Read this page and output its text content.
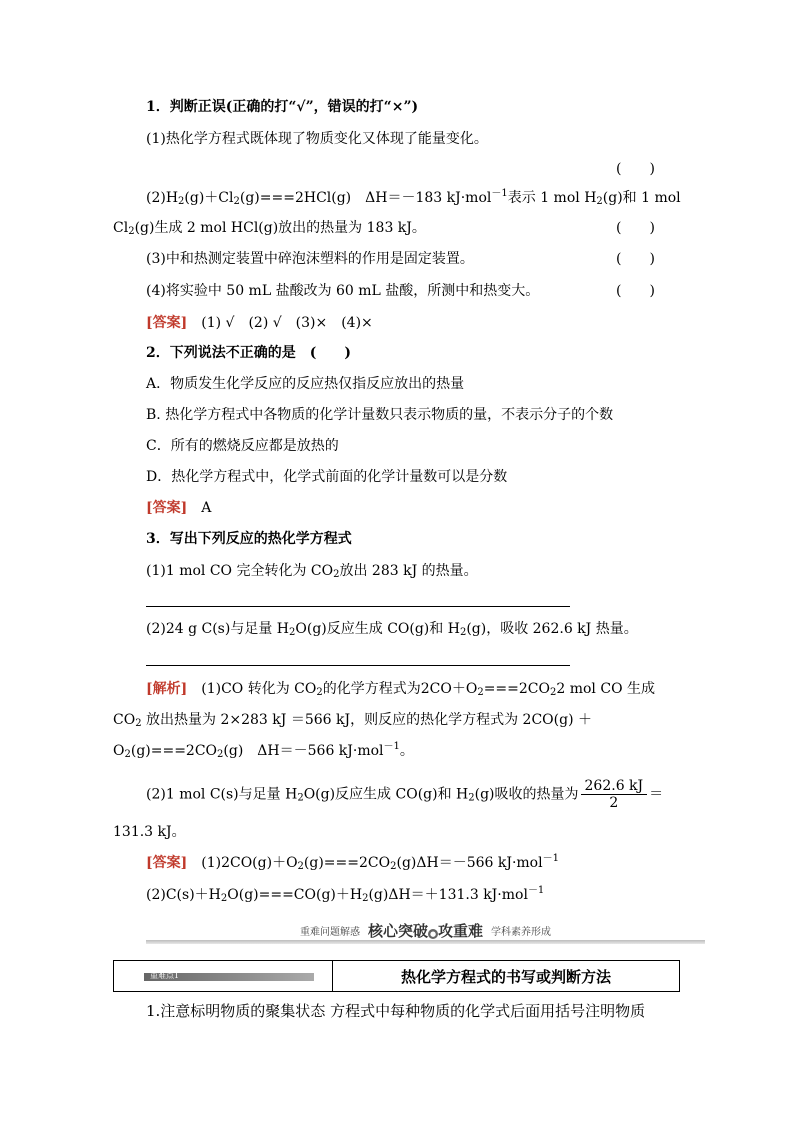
1．判断正误(正确的打“√”，错误的打“×”)
(1)热化学方程式既体现了物质变化又体现了能量变化。
(　　)
$(2)H_2(g)+Cl_2(g)===2HCl(g)$　ΔH＝－183 kJ·mol$^{-1}$表示 1 mol $H_2(g)$和 1 mol
$Cl_2(g)$生成 2 mol HCl(g)放出的热量为 183 kJ。	(　　)
(3)中和热测定装置中碎泡沫塑料的作用是固定装置。	(　　)
(4)将实验中 50 mL 盐酸改为 60 mL 盐酸，所测中和热变大。	(　　)
[答案]　 (1) √　(2) √　(3)×　(4)×
2．下列说法不正确的是　(　　)
A．物质发生化学反应的反应热仅指反应放出的热量
B. 热化学方程式中各物质的化学计量数只表示物质的量，不表示分子的个数
C．所有的燃烧反应都是放热的
D．热化学方程式中，化学式前面的化学计量数可以是分数
[答案]　 A
3．写出下列反应的热化学方程式
(1)1 mol CO 完全转化为 $CO_2$放出 283 kJ 的热量。
(2)24 g C(s)与足量 $H_2O(g)$反应生成 CO(g)和 $H_2(g)$，吸收 262.6 kJ 热量。
[解析]　 (1)CO 转化为 $CO_2$的化学方程式为$2CO+O_2===2CO_22$ mol CO 生成
$CO_2$ 放出热量为 2×283 kJ ＝566 kJ，则反应的热化学方程式为 2CO(g) ＋
$O_2(g)===2CO_2(g)$　ΔH＝－566 kJ·mol$^{-1}$。
(2)1 mol C(s)与足量 $H_2O(g)$反应生成 CO(g)和 $H_2(g)$吸收的热量为 $\frac{262.6 kJ}{2}$ ＝
131.3 kJ。
[答案]　 $(1)2CO(g)+O_2(g)===2CO_2(g)\Delta H=-566$ kJ·mol$^{-1}$
$(2)C(s)+H_2O(g)===CO(g)+H_2(g)\Delta H=+131.3$ kJ·mol$^{-1}$
重难问题解惑 核心突破 ● 攻重难 学科素养形成
重难点1	热化学方程式的书写或判断方法
1.注意标明物质的聚集状态 方程式中每种物质的化学式后面用括号注明物质
